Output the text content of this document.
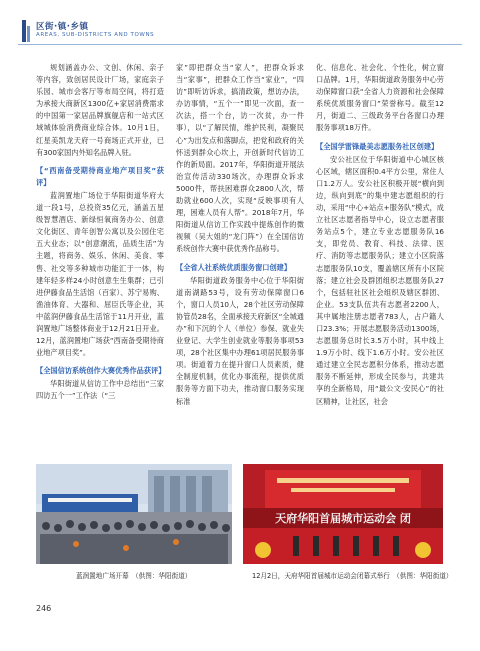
区街·镇·乡镇
AREAS, SUB-DISTRICTS AND TOWNS

规划涵盖办公、文创、休闲、亲子等内容，致创居民设计厂场，家庭亲子乐园、城市会客厅等布局空间，将打造为承接大商新区1300亿+家居消费需求的中国第一家居品牌旗舰店和一站式区域城体验消费商业综合体。10月1日，红星美凯龙天府一号商场正式开业，已有300家国内外知名品牌入驻。

【“西南备受期待商业地产项目奖”获评】

蓝润置地广场位于华阳街道华府大道一段1号，总投资35亿元，涵盖五星级智慧酒店、新绿恒氧商务办公、创意文化街区、青年创智公寓以及公园住宅五大业态；以“创意潮流，品质生活”为主题，将商务、娱乐、休闲、美食、零售、社交等多种城市功能汇于一体，构建年轻多样24小时创意生生集群；已引进伊藤食品生活馆（百家）、苏宁易购、渔油体育、大器和、屈臣氏等企业，其中蓝润伊藤食品生活馆于11月开业，蓝润置地广场整体商业于12月21日开业。12月，蓝润置地广场获“西南备受期待商业地产项目奖”。

【全国信访系统创作大赛优秀作品获评】

华阳街道从信访工作中总结出“三家四访五个一”工作法（“三

家”即把群众当“家人”，把群众诉求当“家事”，把群众工作当“家业”，“四访”即听访诉求，搞清政策，想访办法，办访事情，“五个一”即见一次面，查一次法，搭一个台，访一次贫，办一件事），以“了解民情，维护民利，凝聚民心”为出发点和落脚点，把党和政府的关怀送到群众心坎上，开创新时代信访工作的新局面。2017年，华阳街道开展法治宣传活动330场次，办理群众诉求5000件，帮扶困难群众2800人次，帮助就业600人次，实现“反映事项有人理，困难人员有人帮”。2018年7月，华阳街道从信访工作实践中提炼创作的微视频（吴大姐的“龙门阵”）在全国信访系统创作大赛中获优秀作品称号。

【全省人社系统优质服务窗口创建】

华阳街道政务服务中心位于华阳街道南湖路53号，设有劳动保障窗口6个，窗口人员10人，28个社区劳动保障协管员28名，全面承接天府新区“全城通办”和下沉的个人（单位）参保、就业失业登记、大学生创业就业等服务事项53项，28个社区集中办理61项居民服务事项。街道着力在提升窗口人员素质，健全制度机制，优化办事流程，提供优质服务等方面下功夫，推动窗口服务实现标准

化、信息化、社会化、个性化，树立窗口品牌。1月，华阳街道政务服务中心劳动保障窗口获“全省人力资源和社会保障系统优质服务窗口”荣誉称号。截至12月，街道二、三级政务平台各窗口办理服务事项18万件。

【全国学雷锋最美志愿服务社区创建】

安公社区位于华阳街道中心城区核心区域，辖区面积0.4平方公里，常住人口1.2万人。安公社区积极开展“横向到边，纵向到底”的集中建志愿组织的行动，采用“中心+站点+服务队”模式，成立社区志愿者指导中心，设立志愿者服务站点5个，建立专业志愿服务队16支，即党员、教育、科技、法律、医疗、消防等志愿服务队；建立小区院落志愿服务队10支，覆盖辖区所有小区院落；建立社会及群团组织志愿服务队27个，包括驻社区社会组织及辖区群团、企业。53支队伍共有志愿者2200人，其中属地注册志愿者783人，占户籍人口23.3%；开展志愿服务活动1300场，志愿服务总时长3.5万小时，其中线上1.9万小时、线下1.6万小时。安公社区通过建立全民志愿积分体系，推动志愿服务不断延伸，形成全民参与，共建共享的全新格局，用“最公文·安民心”的社区精神，让社区，社会

天府华阳首届城市运动会 闭
蓝润置地广场开幕　（供图：华阳街道）	12月2日，天府华阳首届城市运动会闭幕式举行　（供图：华阳街道）
246
